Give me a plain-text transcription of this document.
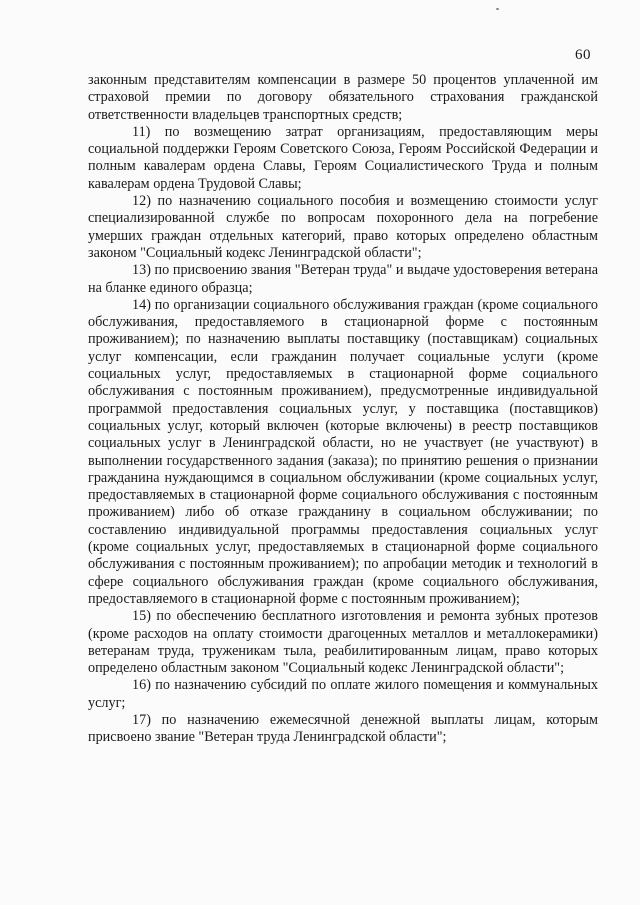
60

законным представителям компенсации в размере 50 процентов уплаченной им страховой премии по договору обязательного страхования гражданской ответственности владельцев транспортных средств;

11) по возмещению затрат организациям, предоставляющим меры социальной поддержки Героям Советского Союза, Героям Российской Федерации и полным кавалерам ордена Славы, Героям Социалистического Труда и полным кавалерам ордена Трудовой Славы;

12) по назначению социального пособия и возмещению стоимости услуг специализированной службе по вопросам похоронного дела на погребение умерших граждан отдельных категорий, право которых определено областным законом "Социальный кодекс Ленинградской области";

13) по присвоению звания "Ветеран труда" и выдаче удостоверения ветерана на бланке единого образца;

14) по организации социального обслуживания граждан (кроме социального обслуживания, предоставляемого в стационарной форме с постоянным проживанием); по назначению выплаты поставщику (поставщикам) социальных услуг компенсации, если гражданин получает социальные услуги (кроме социальных услуг, предоставляемых в стационарной форме социального обслуживания с постоянным проживанием), предусмотренные индивидуальной программой предоставления социальных услуг, у поставщика (поставщиков) социальных услуг, который включен (которые включены) в реестр поставщиков социальных услуг в Ленинградской области, но не участвует (не участвуют) в выполнении государственного задания (заказа); по принятию решения о признании гражданина нуждающимся в социальном обслуживании (кроме социальных услуг, предоставляемых в стационарной форме социального обслуживания с постоянным проживанием) либо об отказе гражданину в социальном обслуживании; по составлению индивидуальной программы предоставления социальных услуг (кроме социальных услуг, предоставляемых в стационарной форме социального обслуживания с постоянным проживанием); по апробации методик и технологий в сфере социального обслуживания граждан (кроме социального обслуживания, предоставляемого в стационарной форме с постоянным проживанием);

15) по обеспечению бесплатного изготовления и ремонта зубных протезов (кроме расходов на оплату стоимости драгоценных металлов и металлокерамики) ветеранам труда, труженикам тыла, реабилитированным лицам, право которых определено областным законом "Социальный кодекс Ленинградской области";

16) по назначению субсидий по оплате жилого помещения и коммунальных услуг;

17) по назначению ежемесячной денежной выплаты лицам, которым присвоено звание "Ветеран труда Ленинградской области";
